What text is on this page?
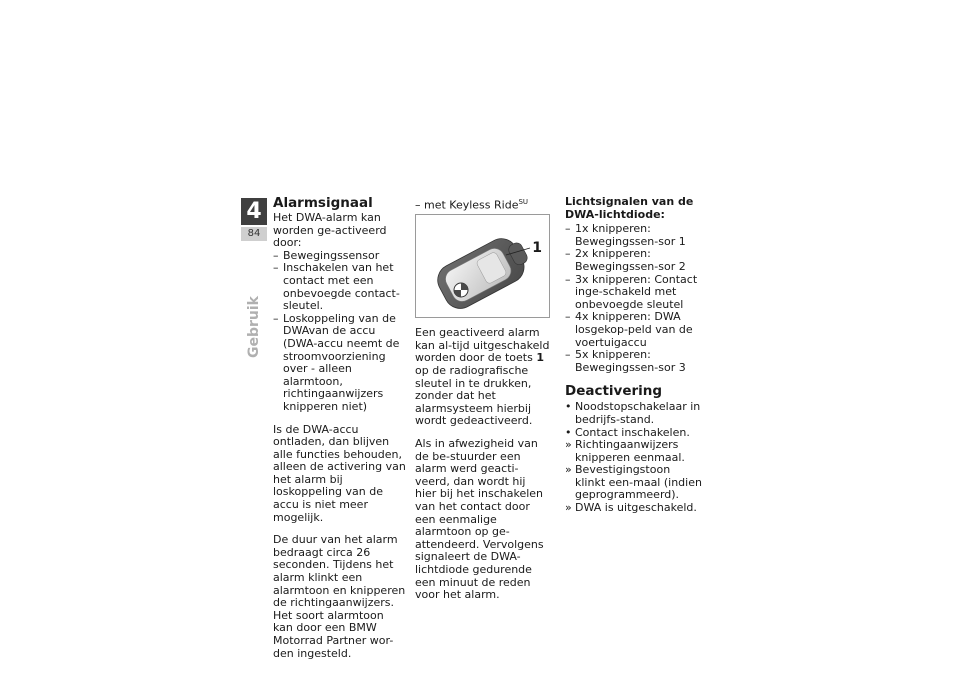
4
84
Gebruik
Alarmsignaal
Het DWA-alarm kan worden ge-activeerd door:
– Bewegingssensor
– Inschakelen van het contact met een onbevoegde contact-sleutel.
– Loskoppeling van de DWAvan de accu (DWA-accu neemt de stroomvoorziening over - alleen alarmtoon, richtingaanwijzers knipperen niet)

Is de DWA-accu ontladen, dan blijven alle functies behouden, alleen de activering van het alarm bij loskoppeling van de accu is niet meer mogelijk.

De duur van het alarm bedraagt circa 26 seconden. Tijdens het alarm klinkt een alarmtoon en knipperen de richtingaanwijzers. Het soort alarmtoon kan door een BMW Motorrad Partner wor-den ingesteld.

– met Keyless Ride$^{SU}$
1

Een geactiveerd alarm kan al-tijd uitgeschakeld worden door de toets 1 op de radiografische sleutel in te drukken, zonder dat het alarmsysteem hierbij wordt gedeactiveerd.

Als in afwezigheid van de be-stuurder een alarm werd geacti-veerd, dan wordt hij hier bij het inschakelen van het contact door een eenmalige alarmtoon op ge-attendeerd. Vervolgens signaleert de DWA-lichtdiode gedurende een minuut de reden voor het alarm.

Lichtsignalen van de DWA-lichtdiode:
– 1x knipperen: Bewegingssen-sor 1
– 2x knipperen: Bewegingssen-sor 2
– 3x knipperen: Contact inge-schakeld met onbevoegde sleutel
– 4x knipperen: DWA losgekop-peld van de voertuigaccu
– 5x knipperen: Bewegingssen-sor 3
Deactivering
• Noodstopschakelaar in bedrijfs-stand.
• Contact inschakelen.
» Richtingaanwijzers knipperen eenmaal.
» Bevestigingstoon klinkt een-maal (indien geprogrammeerd).
» DWA is uitgeschakeld.
